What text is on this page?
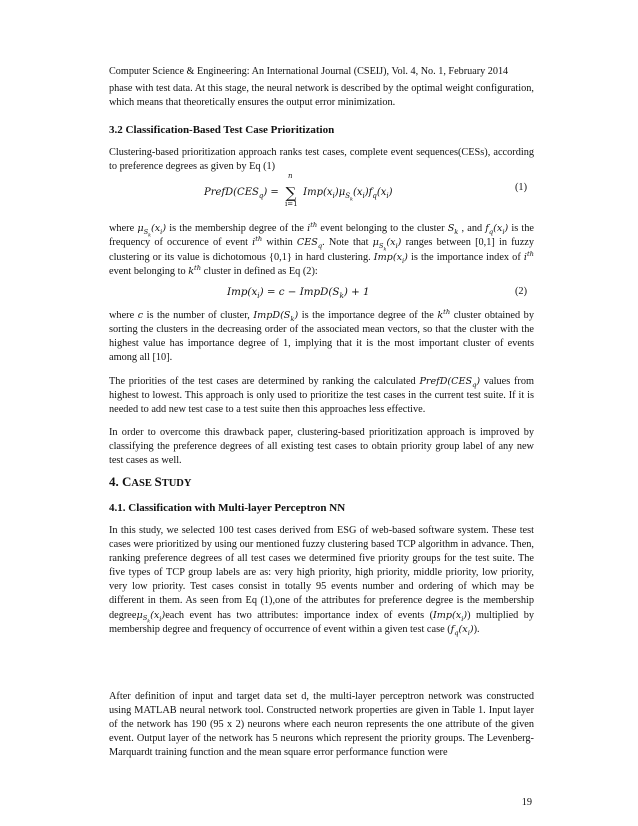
Computer Science & Engineering: An International Journal (CSEIJ), Vol. 4, No. 1, February 2014
phase with test data. At this stage, the neural network is described by the optimal weight configuration, which means that theoretically ensures the output error minimization.
3.2 Classification-Based Test Case Prioritization
Clustering-based prioritization approach ranks test cases, complete event sequences(CESs), according to preference degrees as given by Eq (1)
$PrefD(CES_q)$ = ∑
n
i=1
$Imp(x_i)\mu_{S_k}(x_i)f_q(x_i)$	(1)
where $\mu_{S_k}(x_i)$ is the membership degree of the $i^{th}$ event belonging to the cluster $S_k$ , and $f_q(x_i)$ is the frequency of occurence of event $i^{th}$ within $CES_q$. Note that $\mu_{S_k}(x_i)$ ranges between [0,1] in fuzzy clustering or its value is dichotomous {0,1} in hard clustering. $Imp(x_i)$ is the importance index of $i^{th}$ event belonging to $k^{th}$ cluster in defined as Eq (2):
$Imp(x_i) = c$ − $ImpD(S_k) + 1$	(2)
where c is the number of cluster, $ImpD(S_k)$ is the importance degree of the $k^{th}$ cluster obtained by sorting the clusters in the decreasing order of the associated mean vectors, so that the cluster with the highest value has importance degree of 1, implying that it is the most important cluster of events among all [10].
The priorities of the test cases are determined by ranking the calculated $PrefD(CES_q)$ values from highest to lowest. This approach is only used to prioritize the test cases in the current test suite. If it is needed to add new test case to a test suite then this approaches less effective.
In order to overcome this drawback paper, clustering-based prioritization approach is improved by classifying the preference degrees of all existing test cases to obtain priority group label of any new test cases as well.
4. CASE STUDY
4.1. Classification with Multi-layer Perceptron NN
In this study, we selected 100 test cases derived from ESG of web-based software system. These test cases were prioritized by using our mentioned fuzzy clustering based TCP algorithm in advance. Then, ranking preference degrees of all test cases we determined five priority groups for the test suite. The five types of TCP group labels are as: very high priority, high priority, middle priority, low priority, very low priority. Test cases consist in totally 95 events number and ordering of which may be different in them. As seen from Eq (1),one of the attributes for preference degree is the membership $degree\mu_{S_k}(x_i)each$ event has two attributes: importance index of events $(Imp(x_i))$ multiplied by membership degree and frequency of occurrence of event within a given test case $(f_q(x_i))$.
After definition of input and target data set d, the multi-layer perceptron network was constructed using MATLAB neural network tool. Constructed network properties are given in Table 1. Input layer of the network has 190 (95 x 2) neurons where each neuron represents the one attribute of the given event. Output layer of the network has 5 neurons which represent the priority groups. The Levenberg-Marquardt training function and the mean square error performance function were
19
